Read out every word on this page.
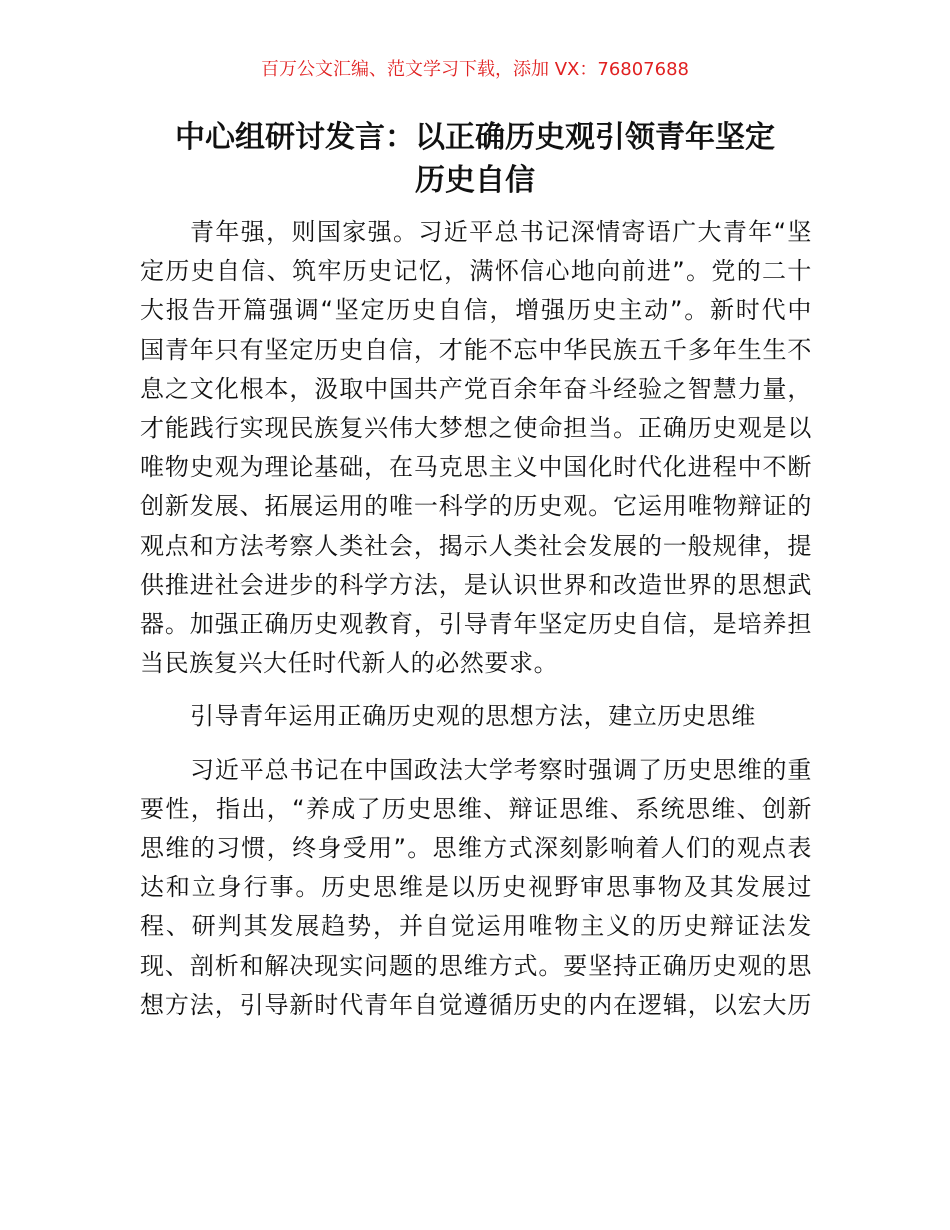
百万公文汇编、范文学习下载，添加 VX：76807688
中心组研讨发言：以正确历史观引领青年坚定
历史自信

青年强，则国家强。习近平总书记深情寄语广大青年“坚
定历史自信、筑牢历史记忆，满怀信心地向前进”。党的二十
大报告开篇强调“坚定历史自信，增强历史主动”。新时代中
国青年只有坚定历史自信，才能不忘中华民族五千多年生生不
息之文化根本，汲取中国共产党百余年奋斗经验之智慧力量，
才能践行实现民族复兴伟大梦想之使命担当。正确历史观是以
唯物史观为理论基础，在马克思主义中国化时代化进程中不断
创新发展、拓展运用的唯一科学的历史观。它运用唯物辩证的
观点和方法考察人类社会，揭示人类社会发展的一般规律，提
供推进社会进步的科学方法，是认识世界和改造世界的思想武
器。加强正确历史观教育，引导青年坚定历史自信，是培养担
当民族复兴大任时代新人的必然要求。

引导青年运用正确历史观的思想方法，建立历史思维

习近平总书记在中国政法大学考察时强调了历史思维的重
要性，指出，“养成了历史思维、辩证思维、系统思维、创新
思维的习惯，终身受用”。思维方式深刻影响着人们的观点表
达和立身行事。历史思维是以历史视野审思事物及其发展过
程、研判其发展趋势，并自觉运用唯物主义的历史辩证法发
现、剖析和解决现实问题的思维方式。要坚持正确历史观的思
想方法，引导新时代青年自觉遵循历史的内在逻辑，以宏大历
